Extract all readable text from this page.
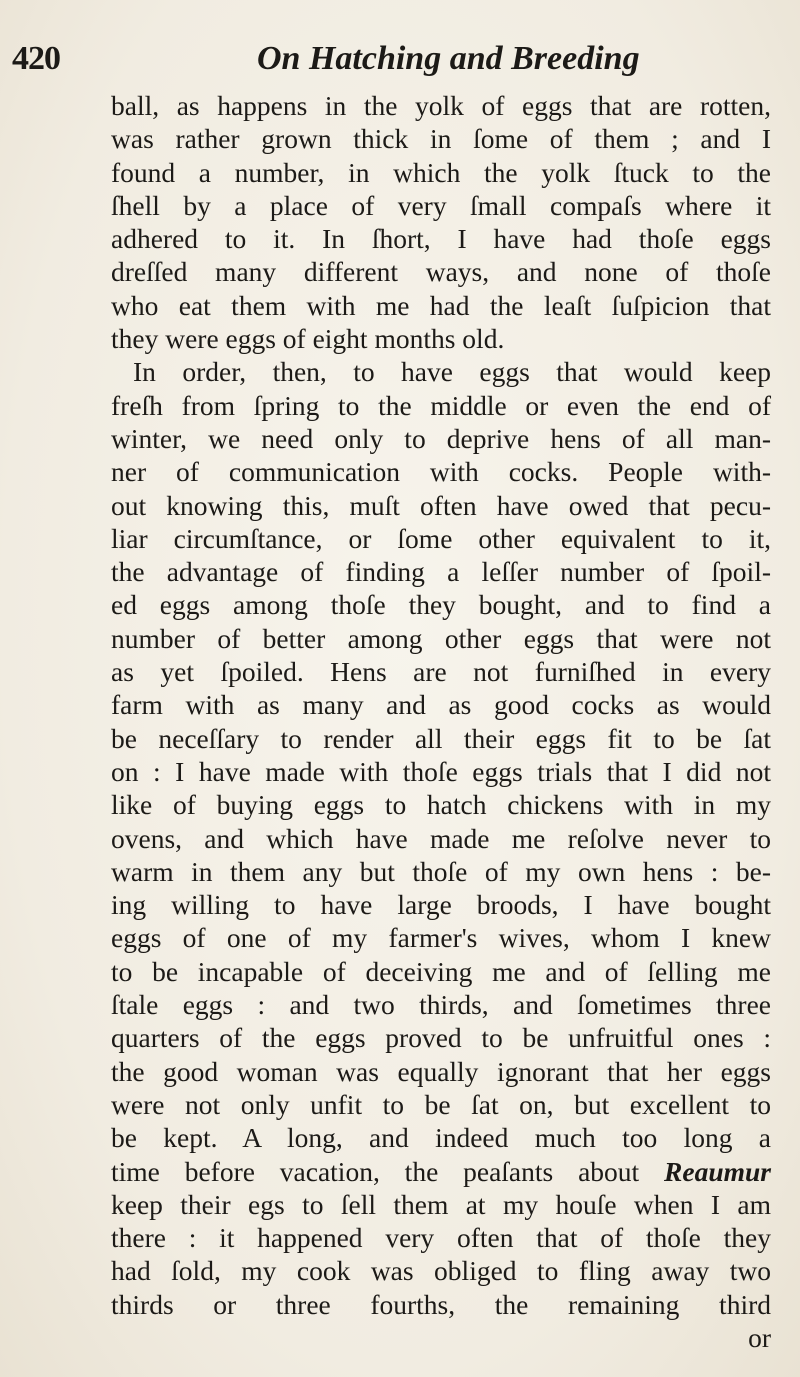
420	On Hatching and Breeding
ball, as happens in the yolk of eggs that are rotten,
was rather grown thick in ſome of them ; and I
found a number, in which the yolk ſtuck to the
ſhell by a place of very ſmall compaſs where it
adhered to it. In ſhort, I have had thoſe eggs
dreſſed many different ways, and none of thoſe
who eat them with me had the leaſt ſuſpicion that
they were eggs of eight months old.
In order, then, to have eggs that would keep
freſh from ſpring to the middle or even the end of
winter, we need only to deprive hens of all man-
ner of communication with cocks. People with-
out knowing this, muſt often have owed that pecu-
liar circumſtance, or ſome other equivalent to it,
the advantage of finding a leſſer number of ſpoil-
ed eggs among thoſe they bought, and to find a
number of better among other eggs that were not
as yet ſpoiled. Hens are not furniſhed in every
farm with as many and as good cocks as would
be neceſſary to render all their eggs fit to be ſat
on : I have made with thoſe eggs trials that I did not
like of buying eggs to hatch chickens with in my
ovens, and which have made me reſolve never to
warm in them any but thoſe of my own hens : be-
ing willing to have large broods, I have bought
eggs of one of my farmer's wives, whom I knew
to be incapable of deceiving me and of ſelling me
ſtale eggs : and two thirds, and ſometimes three
quarters of the eggs proved to be unfruitful ones :
the good woman was equally ignorant that her eggs
were not only unfit to be ſat on, but excellent to
be kept. A long, and indeed much too long a
time before vacation, the peaſants about Reaumur
keep their egs to ſell them at my houſe when I am
there : it happened very often that of thoſe they
had ſold, my cook was obliged to fling away two
thirds or three fourths, the remaining third
or
